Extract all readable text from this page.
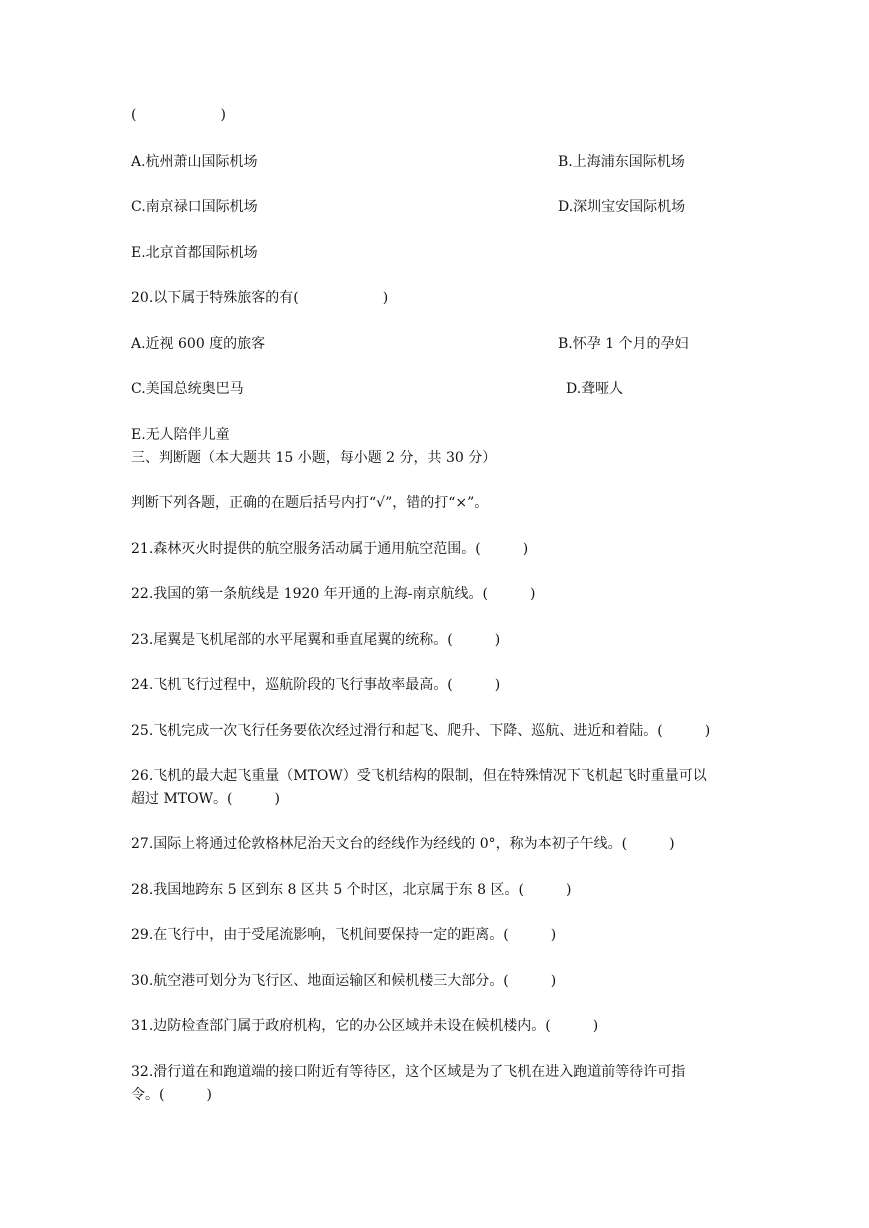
(　　　　　　)
A.杭州萧山国际机场	B.上海浦东国际机场
C.南京禄口国际机场	D.深圳宝安国际机场
E.北京首都国际机场
20.以下属于特殊旅客的有(　　　　　　)
A.近视 600 度的旅客	B.怀孕 1 个月的孕妇
C.美国总统奥巴马	D.聋哑人
E.无人陪伴儿童
三、判断题（本大题共 15 小题，每小题 2 分，共 30 分）
判断下列各题，正确的在题后括号内打“√”，错的打“×”。
21.森林灭火时提供的航空服务活动属于通用航空范围。(　　　)
22.我国的第一条航线是 1920 年开通的上海-南京航线。(　　　)
23.尾翼是飞机尾部的水平尾翼和垂直尾翼的统称。(　　　)
24.飞机飞行过程中，巡航阶段的飞行事故率最高。(　　　)
25.飞机完成一次飞行任务要依次经过滑行和起飞、爬升、下降、巡航、进近和着陆。(　　　)
26.飞机的最大起飞重量（MTOW）受飞机结构的限制，但在特殊情况下飞机起飞时重量可以
超过 MTOW。(　　　)
27.国际上将通过伦敦格林尼治天文台的经线作为经线的 0°，称为本初子午线。(　　　)
28.我国地跨东 5 区到东 8 区共 5 个时区，北京属于东 8 区。(　　　)
29.在飞行中，由于受尾流影响，飞机间要保持一定的距离。(　　　)
30.航空港可划分为飞行区、地面运输区和候机楼三大部分。(　　　)
31.边防检查部门属于政府机构，它的办公区域并未设在候机楼内。(　　　)
32.滑行道在和跑道端的接口附近有等待区，这个区域是为了飞机在进入跑道前等待许可指
令。(　　　)
